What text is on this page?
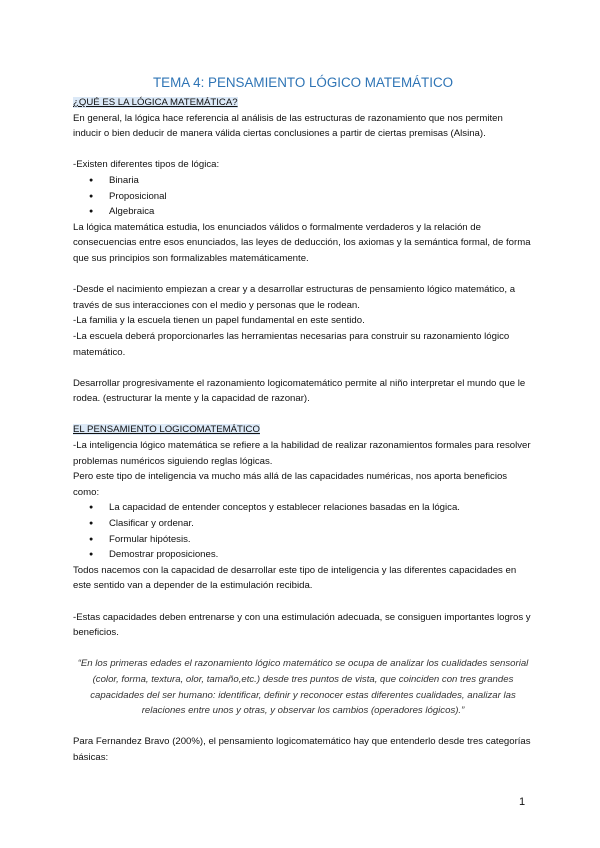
TEMA 4: PENSAMIENTO LÓGICO MATEMÁTICO

¿QUÉ ES LA LÓGICA MATEMÁTICA?

En general, la lógica hace referencia al análisis de las estructuras de razonamiento que nos permiten inducir o bien deducir de manera válida ciertas conclusiones a partir de ciertas premisas (Alsina).

-Existen diferentes tipos de lógica:

● Binaria
● Proposicional
● Algebraica

La lógica matemática estudia, los enunciados válidos o formalmente verdaderos y la relación de consecuencias entre esos enunciados, las leyes de deducción, los axiomas y la semántica formal, de forma que sus principios son formalizables matemáticamente.

-Desde el nacimiento empiezan a crear y a desarrollar estructuras de pensamiento lógico matemático, a través de sus interacciones con el medio y personas que le rodean.

-La familia y la escuela tienen un papel fundamental en este sentido.

-La escuela deberá proporcionarles las herramientas necesarias para construir su razonamiento lógico matemático.

Desarrollar progresivamente el razonamiento logicomatemático permite al niño interpretar el mundo que le rodea. (estructurar la mente y la capacidad de razonar).

EL PENSAMIENTO LOGICOMATEMÁTICO

-La inteligencia lógico matemática se refiere a la habilidad de realizar razonamientos formales para resolver problemas numéricos siguiendo reglas lógicas.

Pero este tipo de inteligencia va mucho más allá de las capacidades numéricas, nos aporta beneficios como:

● La capacidad de entender conceptos y establecer relaciones basadas en la lógica.
● Clasificar y ordenar.
● Formular hipótesis.
● Demostrar proposiciones.

Todos nacemos con la capacidad de desarrollar este tipo de inteligencia y las diferentes capacidades en este sentido van a depender de la estimulación recibida.

-Estas capacidades deben entrenarse y con una estimulación adecuada, se consiguen importantes logros y beneficios.

“En los primeras edades el razonamiento lógico matemático se ocupa de analizar los cualidades sensorial (color, forma, textura, olor, tamaño,etc.) desde tres puntos de vista, que coinciden con tres grandes capacidades del ser humano: identificar, definir y reconocer estas diferentes cualidades, analizar las relaciones entre unos y otras, y observar los cambios (operadores lógicos).”

Para Fernandez Bravo (200%), el pensamiento logicomatemático hay que entenderlo desde tres categorías básicas:

1
